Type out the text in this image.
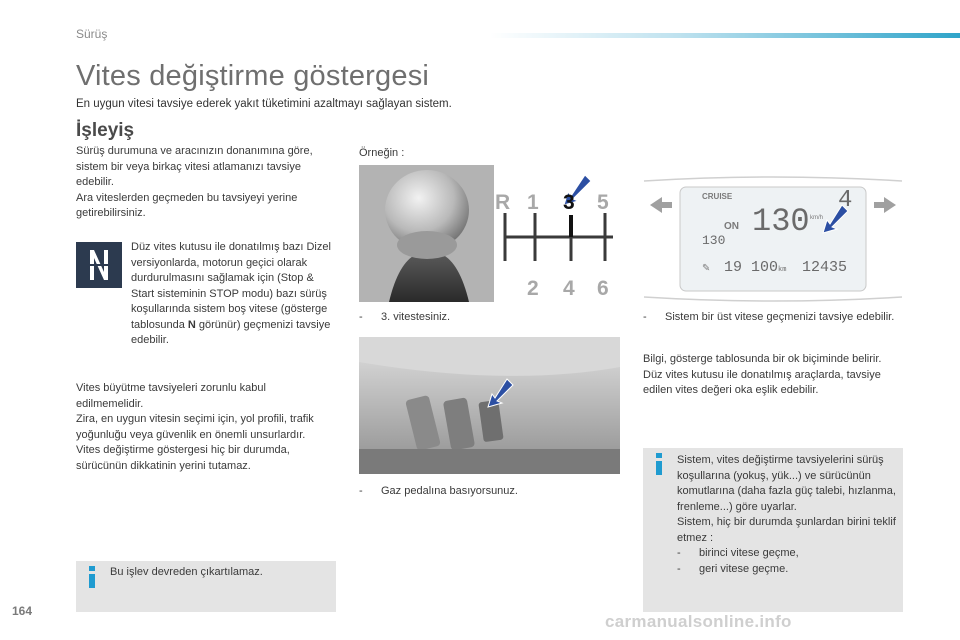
Sürüş
Vites değiştirme göstergesi
En uygun vitesi tavsiye ederek yakıt tüketimini azaltmayı sağlayan sistem.
İşleyiş

Sürüş durumuna ve aracınızın donanımına göre, sistem bir veya birkaç vitesi atlamanızı tavsiye edebilir.

Ara viteslerden geçmeden bu tavsiyeyi yerine getirebilirsiniz.

Düz vites kutusu ile donatılmış bazı Dizel versiyonlarda, motorun geçici olarak durdurulmasını sağlamak için (Stop & Start sisteminin STOP modu) bazı sürüş koşullarında sistem boş vitese (gösterge tablosunda N görünür) geçmenizi tavsiye edebilir.

Vites büyütme tavsiyeleri zorunlu kabul edilmemelidir.

Zira, en uygun vitesin seçimi için, yol profili, trafik yoğunluğu veya güvenlik en önemli unsurlardır.

Vites değiştirme göstergesi hiç bir durumda, sürücünün dikkatinin yerini tutamaz.

Bu işlev devreden çıkartılamaz.
Örneğin :
R 1 3 5
2 4 6
-	3. vitestesiniz.
-	Gaz pedalına basıyorsunuz.
CRUISE
ON 130
130
km/h
4
✎ 19 100km 12435
-	Sistem bir üst vitese geçmenizi tavsiye edebilir.

Bilgi, gösterge tablosunda bir ok biçiminde belirir.

Düz vites kutusu ile donatılmış araçlarda, tavsiye edilen vites değeri oka eşlik edebilir.

Sistem, vites değiştirme tavsiyelerini sürüş koşullarına (yokuş, yük...) ve sürücünün komutlarına (daha fazla güç talebi, hızlanma, frenleme...) göre uyarlar.

Sistem, hiç bir durumda şunlardan birini teklif etmez :

-	birinci vitese geçme,
-	geri vitese geçme.
164
carmanualsonline.info
